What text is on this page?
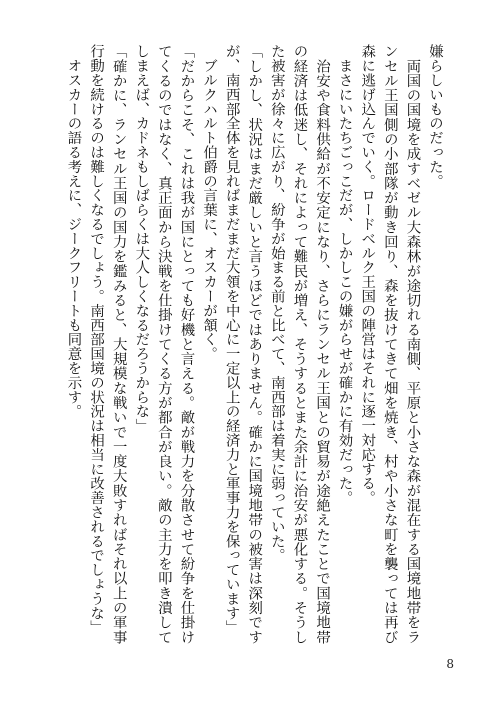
嫌らしいものだった。

　両国の国境を成すベゼル大森林が途切れる南側、平原と小さな森が混在する国境地帯をランセル王国側の小部隊が動き回り、森を抜けてきて畑を焼き、村や小さな町を襲っては再び森に逃げ込んでいく。ロードベルク王国の陣営はそれに逐一対応する。

　まさにいたちごっこだが、しかしこの嫌がらせが確かに有効だった。

　治安や食料供給が不安定になり、さらにランセル王国との貿易が途絶えたことで国境地帯の経済は低迷し、それによって難民が増え、そうするとまた余計に治安が悪化する。そうした被害が徐々に広がり、紛争が始まる前と比べて、南西部は着実に弱っていた。

「しかし、状況はまだ厳しいと言うほどではありません。確かに国境地帯の被害は深刻ですが、南西部全体を見ればまだまだ大領を中心に一定以上の経済力と軍事力を保っています」

　ブルクハルト伯爵の言葉に、オスカーが頷く。

「だからこそ、これは我が国にとっても好機と言える。敵が戦力を分散させて紛争を仕掛けてくるのではなく、真正面から決戦を仕掛けてくる方が都合が良い。敵の主力を叩き潰してしまえば、カドネもしばらくは大人しくなるだろうからな」

「確かに、ランセル王国の国力を鑑みると、大規模な戦いで一度大敗すればそれ以上の軍事行動を続けるのは難しくなるでしょう。南西部国境の状況は相当に改善されるでしょうな」

　オスカーの語る考えに、ジークフリートも同意を示す。

8
